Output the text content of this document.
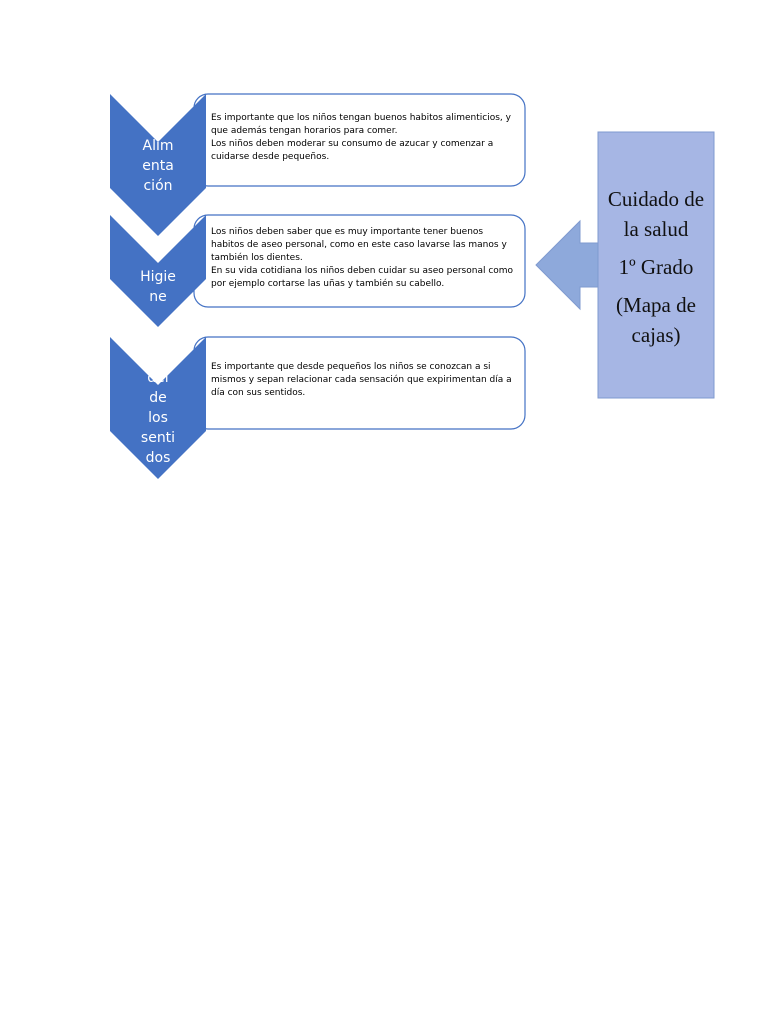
Alim
enta
ción
Higie
ne
Uso
del
de
los
senti
dos

Es importante que los niños tengan buenos habitos alimenticios, y que además tengan horarios para comer.

Los niños deben moderar su consumo de azucar y comenzar a cuidarse desde pequeños.

Los niños deben saber que es muy importante tener buenos habitos de aseo personal, como en este caso lavarse las manos y también los dientes.

En su vida cotidiana los niños deben cuidar su aseo personal como por ejemplo cortarse las uñas y también su cabello.

Es importante que desde pequeños los niños se conozcan a si mismos y sepan relacionar cada sensación que expirimentan día a día con sus sentidos.

Cuidado de la salud
1º Grado
(Mapa de cajas)
